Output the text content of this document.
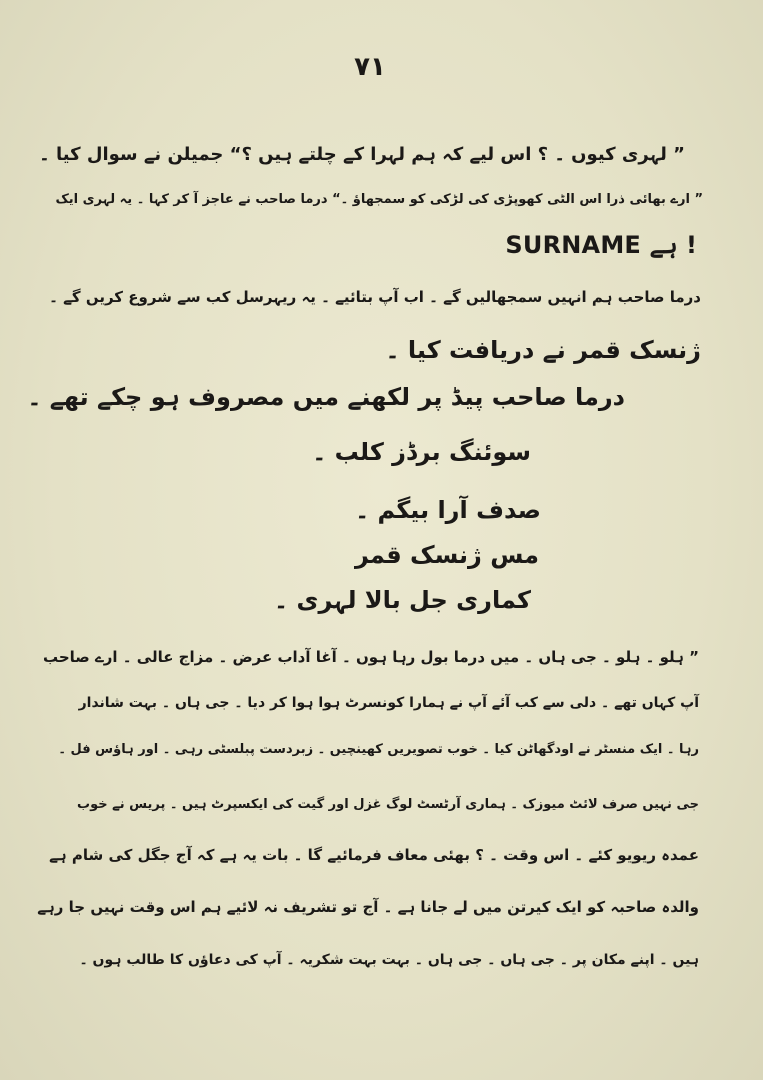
۷۱
” لہری کیوں ۔ ؟ اس لیے کہ ہم لہرا کے چلتے ہیں ؟“ جمیلن نے سوال کیا ۔
” ارے بھائی ذرا اس الٹی کھوپڑی کی لڑکی کو سمجھاؤ ۔“ درما صاحب نے عاجز آ کر کہا ۔ یہ لہری ایک
SURNAME ہے !
درما صاحب ہم انہیں سمجھالیں گے ۔ اب آپ بتائیے ۔ یہ ریہرسل کب سے شروع کریں گے ۔
ژنسک قمر نے دریافت کیا ۔
درما صاحب پیڈ پر لکھنے میں مصروف ہو چکے تھے ۔
سوئنگ برڈز کلب ۔
صدف آرا بیگم ۔
مس ژنسک قمر
کماری جل بالا لہری ۔
” ہلو ۔ ہلو ۔ جی ہاں ۔ میں درما بول رہا ہوں ۔ آغا آداب عرض ۔ مزاج عالی ۔ ارے صاحب
آپ کہاں تھے ۔ دلی سے کب آئے آپ نے ہمارا کونسرٹ ہوا ہوا کر دیا ۔ جی ہاں ۔ بہت شاندار
رہا ۔ ایک منسٹر نے اودگھاٹن کیا ۔ خوب تصویریں کھینچیں ۔ زبردست پبلسٹی رہی ۔ اور ہاؤس فل ۔
جی نہیں صرف لائٹ میوزک ۔ ہماری آرٹسٹ لوگ غزل اور گیت کی ایکسپرٹ ہیں ۔ پریس نے خوب
عمدہ ریویو کئے ۔ اس وقت ۔ ؟ بھئی معاف فرمائیے گا ۔ بات یہ ہے کہ آج جگل کی شام ہے
والدہ صاحبہ کو ایک کیرتن میں لے جانا ہے ۔ آج تو تشریف نہ لائیے ہم اس وقت نہیں جا رہے
ہیں ۔ اپنے مکان پر ۔ جی ہاں ۔ جی ہاں ۔ بہت بہت شکریہ ۔ آپ کی دعاؤں کا طالب ہوں ۔
